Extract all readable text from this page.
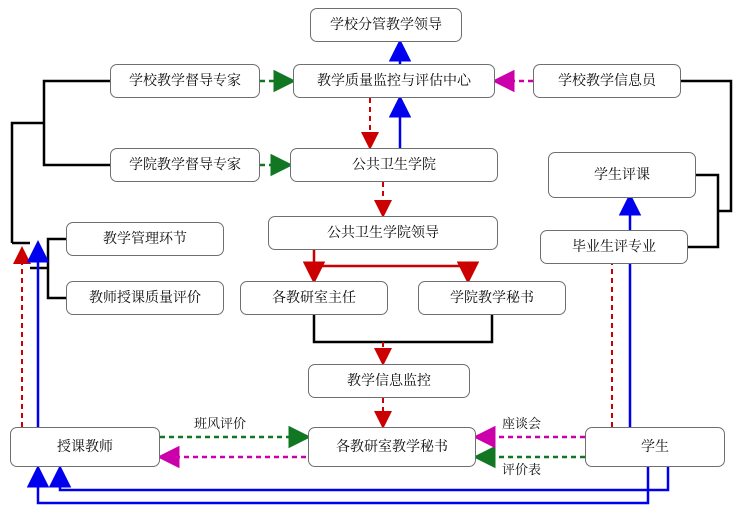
学校分管教学领导
学校教学督导专家	教学质量监控与评估中心	学校教学信息员
学院教学督导专家	公共卫生学院
学生评课
公共卫生学院领导
教学管理环节	毕业生评专业
教师授课质量评价	各教研室主任	学院教学秘书
教学信息监控
授课教师	各教研室教学秘书	学生
班风评价	座谈会
评价表
